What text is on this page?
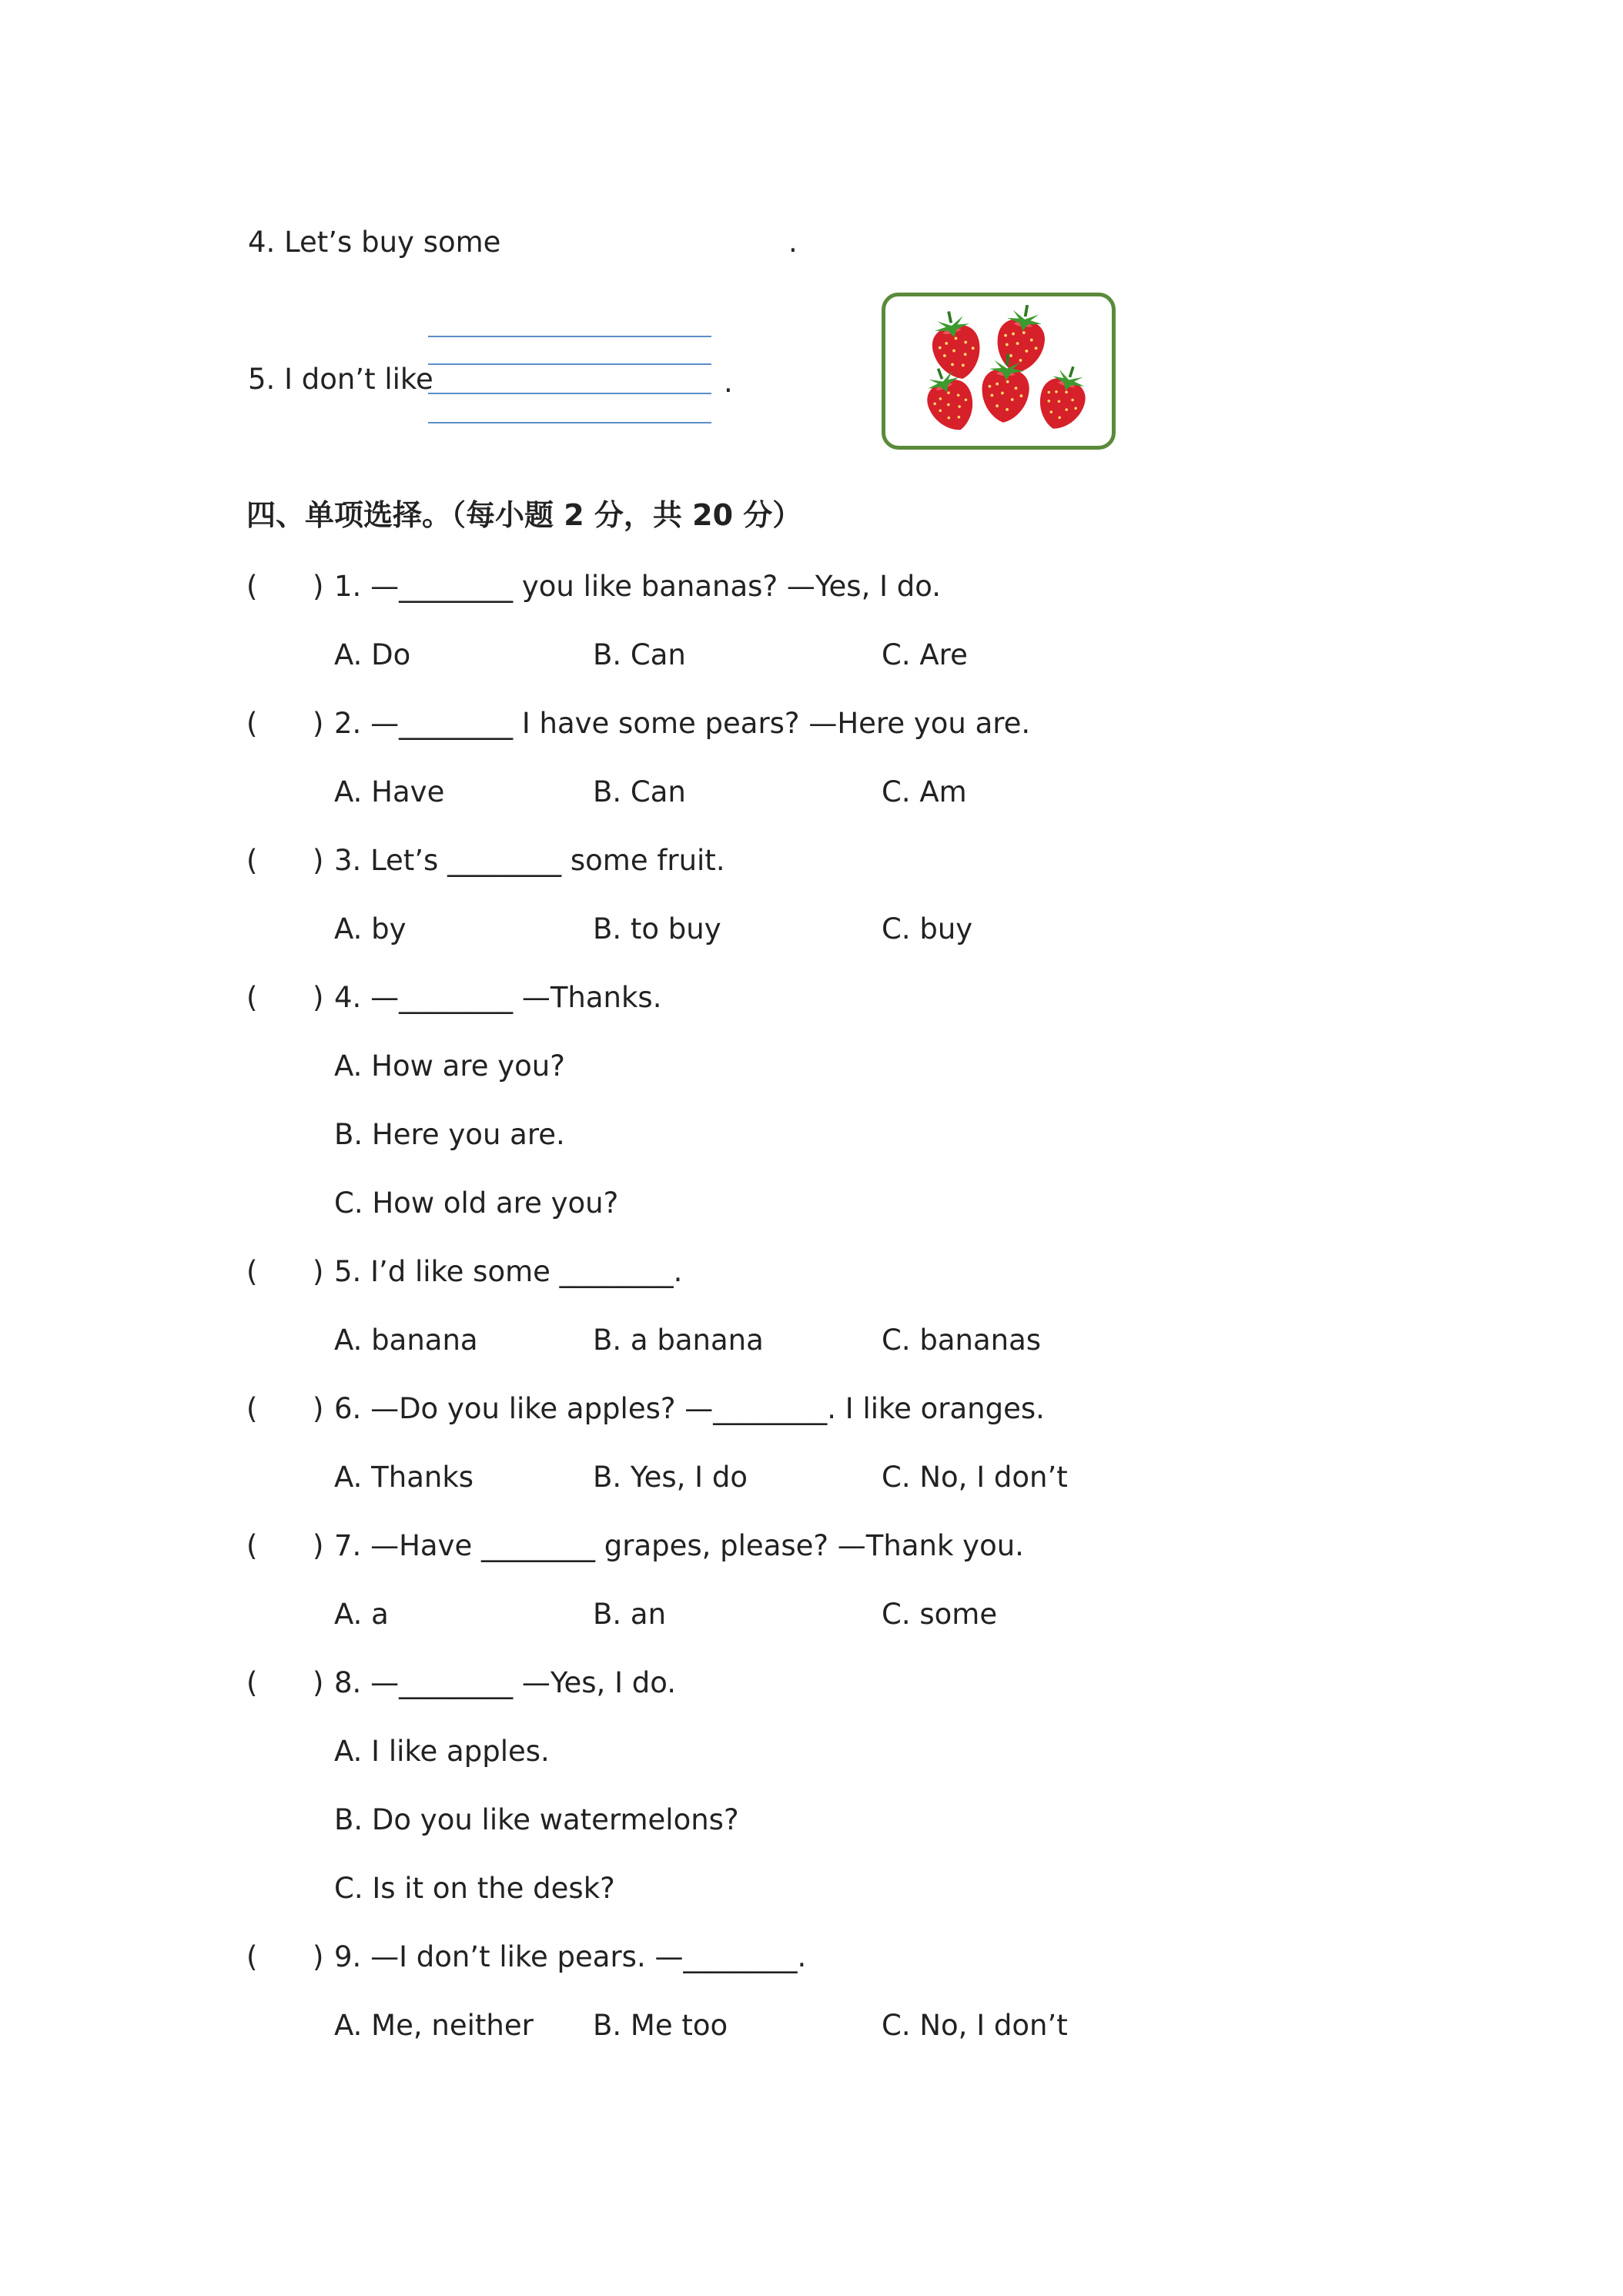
4. Let’s buy some	.
5. I don’t like	.
四、单项选择。（每小题 2 分，共 20 分）
( ) 1. —________ you like bananas? —Yes, I do.
A. Do	B. Can	C. Are
( ) 2. —________ I have some pears? —Here you are.
A. Have	B. Can	C. Am
( ) 3. Let’s ________ some fruit.
A. by	B. to buy	C. buy
( ) 4. —________ —Thanks.
A. How are you?
B. Here you are.
C. How old are you?
( ) 5. I’d like some ________.
A. banana	B. a banana	C. bananas
( ) 6. —Do you like apples? —________. I like oranges.
A. Thanks	B. Yes, I do	C. No, I don’t
( ) 7. —Have ________ grapes, please? —Thank you.
A. a	B. an	C. some
( ) 8. —________ —Yes, I do.
A. I like apples.
B. Do you like watermelons?
C. Is it on the desk?
( ) 9. —I don’t like pears. —________.
A. Me, neither B. Me too	C. No, I don’t
